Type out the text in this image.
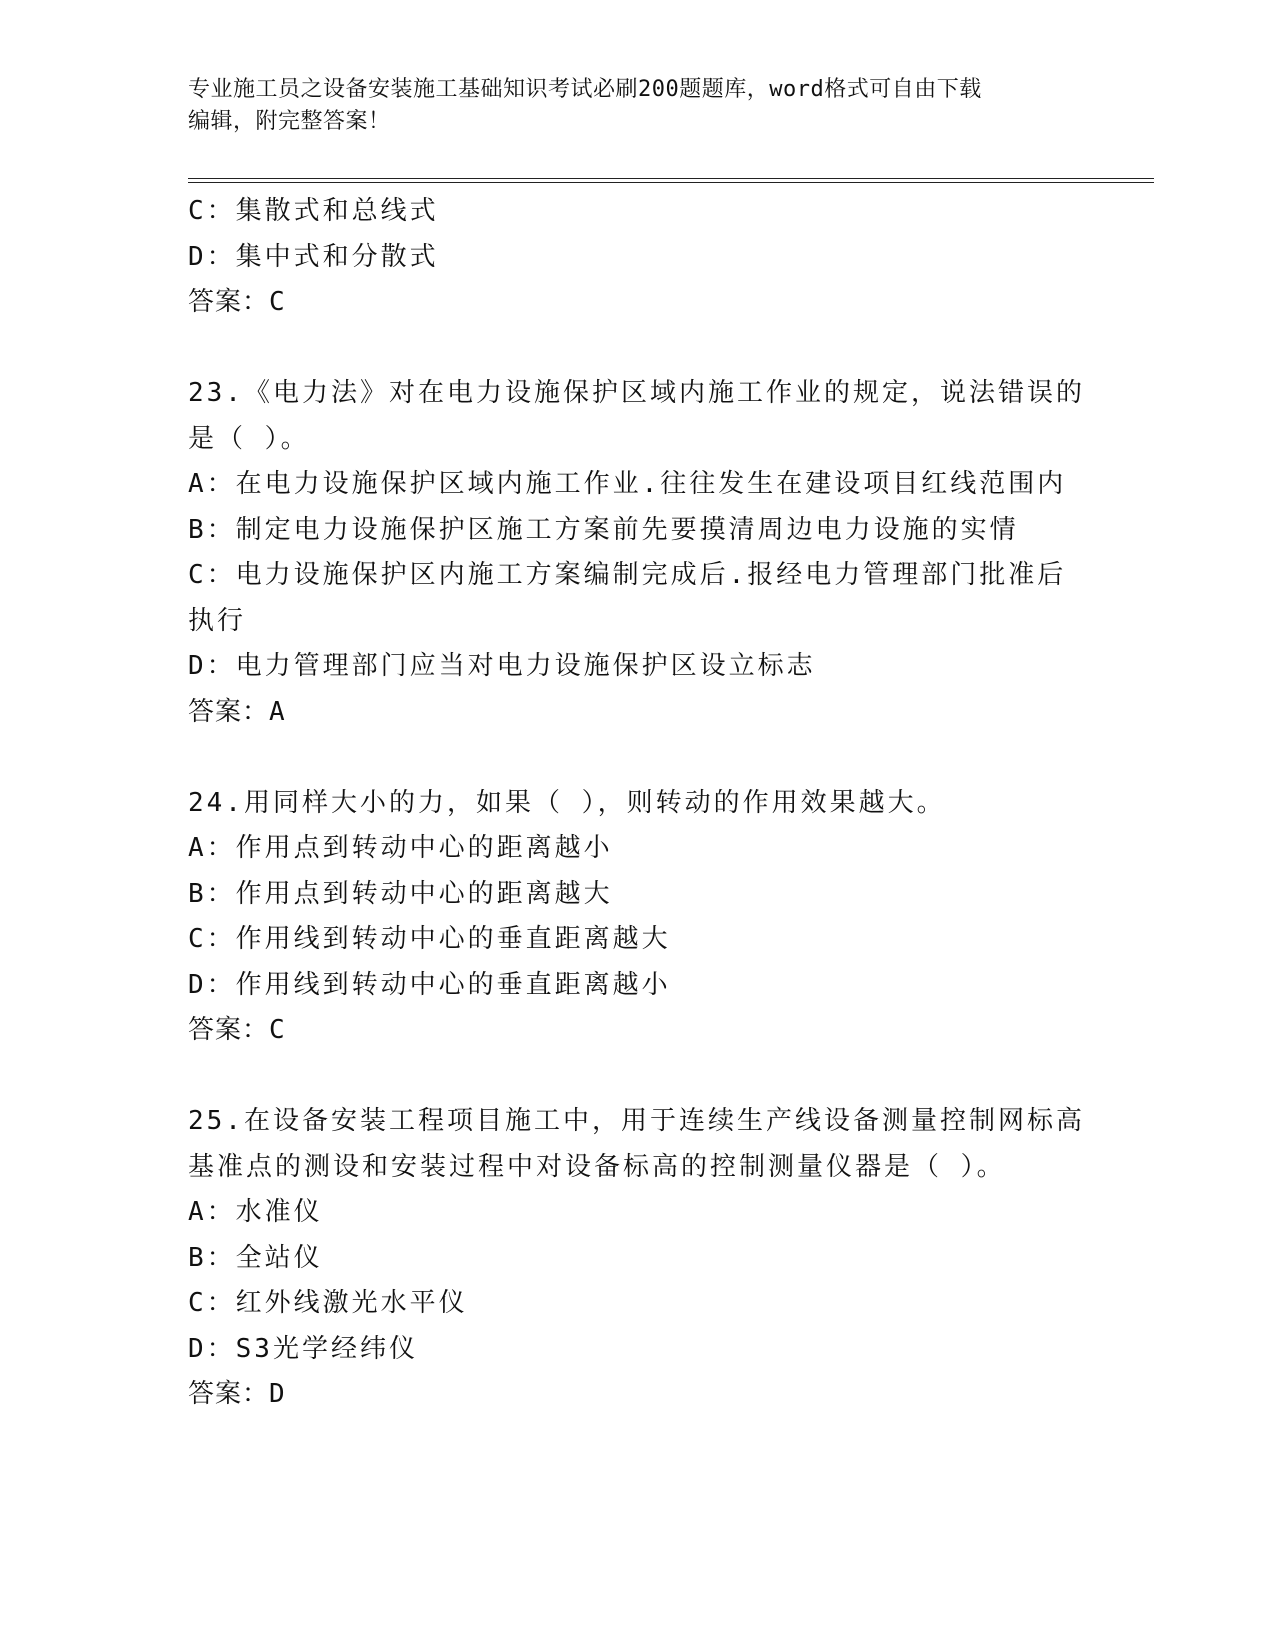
专业施工员之设备安装施工基础知识考试必刷200题题库，word格式可自由下载
编辑，附完整答案！
C：集散式和总线式
D：集中式和分散式
答案：C
23.《电力法》对在电力设施保护区域内施工作业的规定，说法错误的
是（ ）。
A：在电力设施保护区域内施工作业.往往发生在建设项目红线范围内
B：制定电力设施保护区施工方案前先要摸清周边电力设施的实情
C：电力设施保护区内施工方案编制完成后.报经电力管理部门批准后
执行
D：电力管理部门应当对电力设施保护区设立标志
答案：A
24.用同样大小的力，如果（ ），则转动的作用效果越大。
A：作用点到转动中心的距离越小
B：作用点到转动中心的距离越大
C：作用线到转动中心的垂直距离越大
D：作用线到转动中心的垂直距离越小
答案：C
25.在设备安装工程项目施工中，用于连续生产线设备测量控制网标高
基准点的测设和安装过程中对设备标高的控制测量仪器是（ ）。
A：水准仪
B：全站仪
C：红外线激光水平仪
D：S3光学经纬仪
答案：D
